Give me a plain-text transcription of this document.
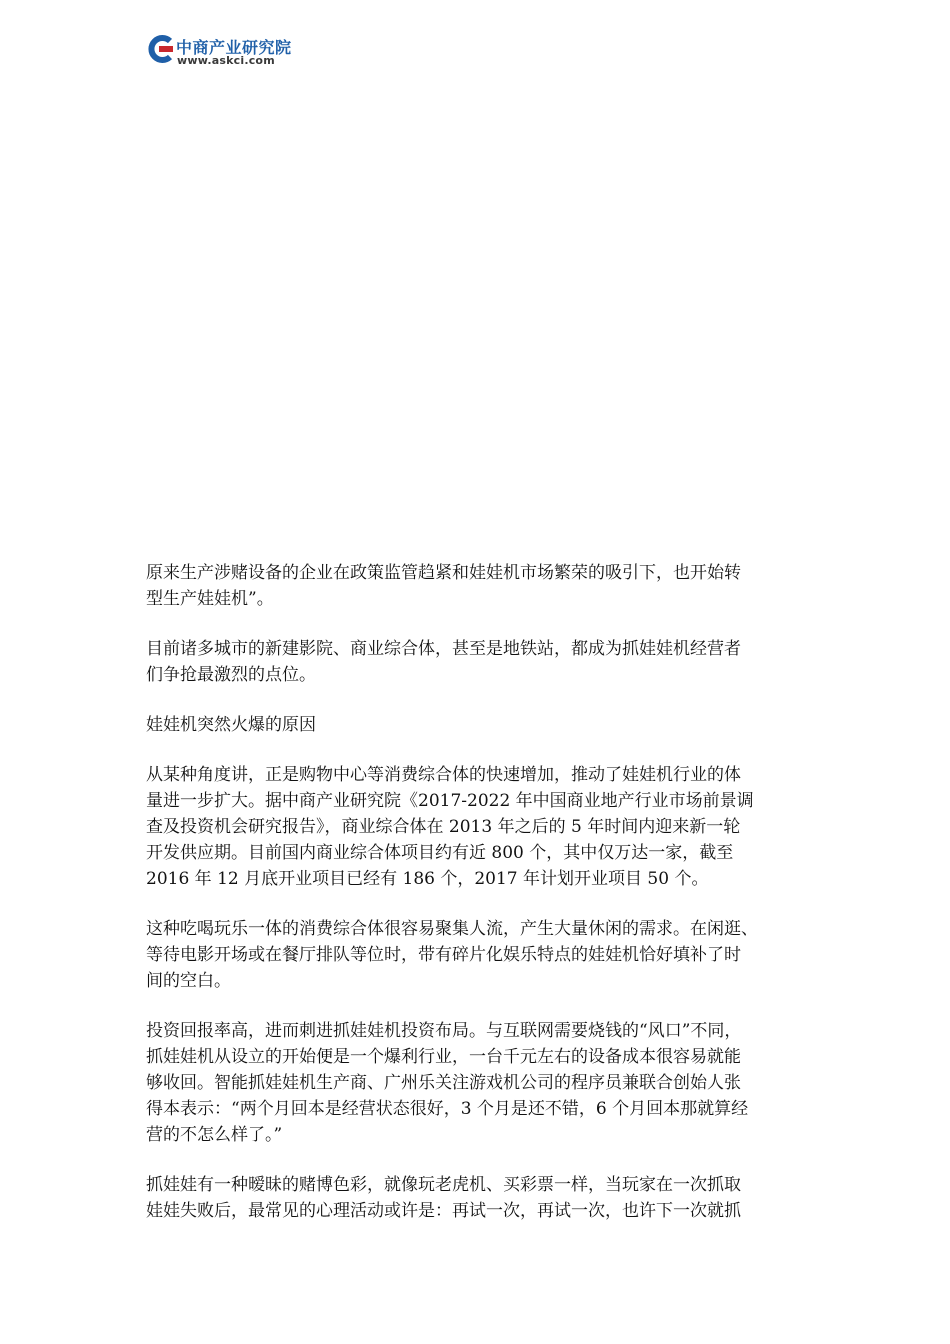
中商产业研究院
www.askci.com

原来生产涉赌设备的企业在政策监管趋紧和娃娃机市场繁荣的吸引下，也开始转
型生产娃娃机”。

目前诸多城市的新建影院、商业综合体，甚至是地铁站，都成为抓娃娃机经营者
们争抢最激烈的点位。

娃娃机突然火爆的原因

从某种角度讲，正是购物中心等消费综合体的快速增加，推动了娃娃机行业的体
量进一步扩大。据中商产业研究院《2017-2022 年中国商业地产行业市场前景调
查及投资机会研究报告》，商业综合体在 2013 年之后的 5 年时间内迎来新一轮
开发供应期。目前国内商业综合体项目约有近 800 个，其中仅万达一家，截至
2016 年 12 月底开业项目已经有 186 个，2017 年计划开业项目 50 个。

这种吃喝玩乐一体的消费综合体很容易聚集人流，产生大量休闲的需求。在闲逛、
等待电影开场或在餐厅排队等位时，带有碎片化娱乐特点的娃娃机恰好填补了时
间的空白。

投资回报率高，进而刺进抓娃娃机投资布局。与互联网需要烧钱的“风口”不同，
抓娃娃机从设立的开始便是一个爆利行业，一台千元左右的设备成本很容易就能
够收回。智能抓娃娃机生产商、广州乐关注游戏机公司的程序员兼联合创始人张
得本表示：“两个月回本是经营状态很好，3 个月是还不错，6 个月回本那就算经
营的不怎么样了。”

抓娃娃有一种暧昧的赌博色彩，就像玩老虎机、买彩票一样，当玩家在一次抓取
娃娃失败后，最常见的心理活动或许是：再试一次，再试一次，也许下一次就抓
